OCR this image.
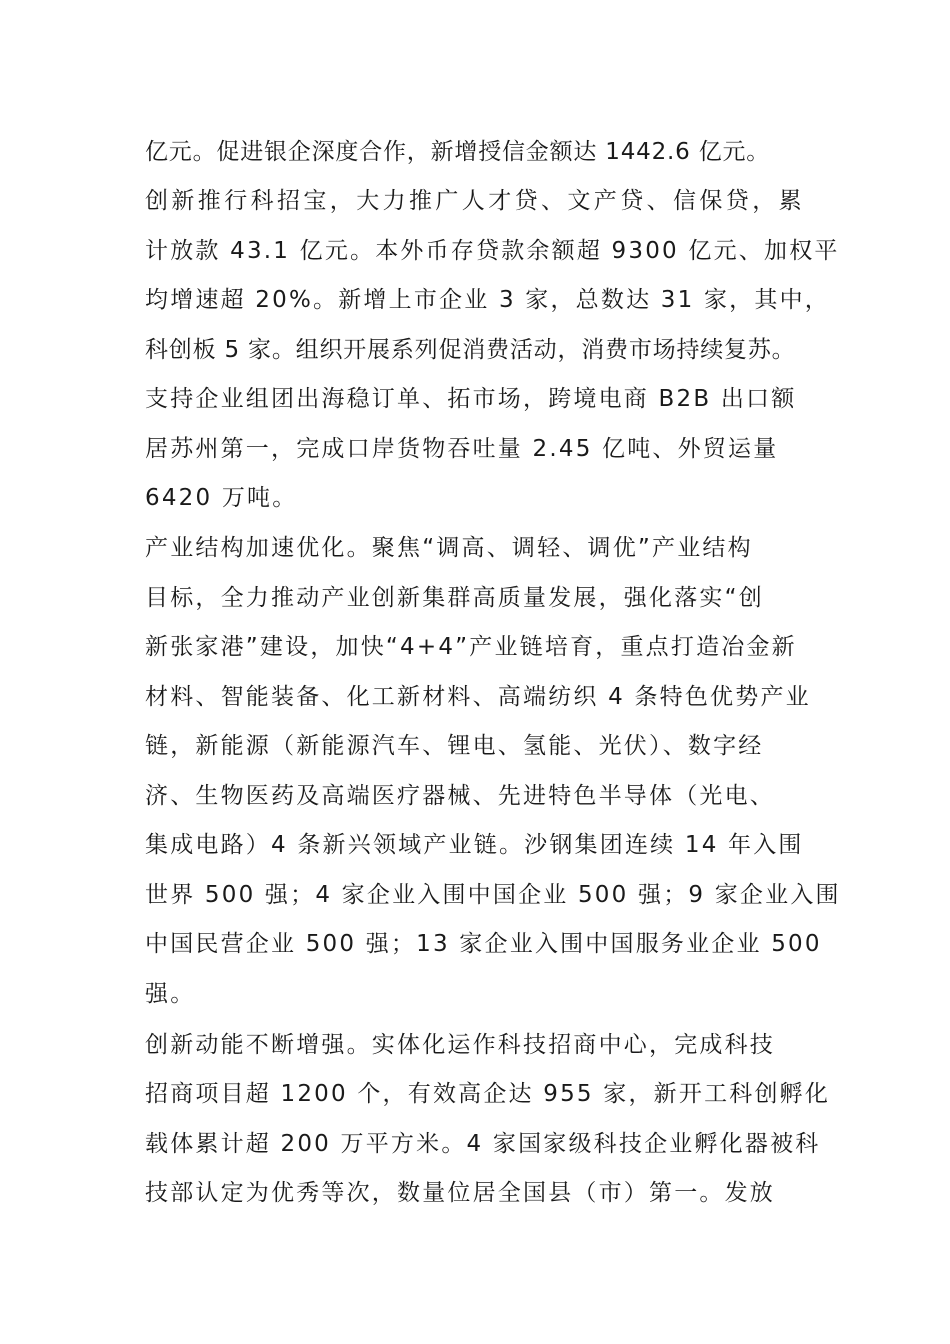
亿元。促进银企深度合作，新增授信金额达 1442.6 亿元。
创新推行科招宝，大力推广人才贷、文产贷、信保贷，累
计放款 43.1 亿元。本外币存贷款余额超 9300 亿元、加权平
均增速超 20%。新增上市企业 3 家，总数达 31 家，其中，
科创板 5 家。组织开展系列促消费活动，消费市场持续复苏。
支持企业组团出海稳订单、拓市场，跨境电商 B2B 出口额
居苏州第一，完成口岸货物吞吐量 2.45 亿吨、外贸运量
6420 万吨。
产业结构加速优化。聚焦“调高、调轻、调优”产业结构
目标，全力推动产业创新集群高质量发展，强化落实“创
新张家港”建设，加快“4+4”产业链培育，重点打造冶金新
材料、智能装备、化工新材料、高端纺织 4 条特色优势产业
链，新能源（新能源汽车、锂电、氢能、光伏）、数字经
济、生物医药及高端医疗器械、先进特色半导体（光电、
集成电路）4 条新兴领域产业链。沙钢集团连续 14 年入围
世界 500 强；4 家企业入围中国企业 500 强；9 家企业入围
中国民营企业 500 强；13 家企业入围中国服务业企业 500
强。
创新动能不断增强。实体化运作科技招商中心，完成科技
招商项目超 1200 个，有效高企达 955 家，新开工科创孵化
载体累计超 200 万平方米。4 家国家级科技企业孵化器被科
技部认定为优秀等次，数量位居全国县（市）第一。发放
